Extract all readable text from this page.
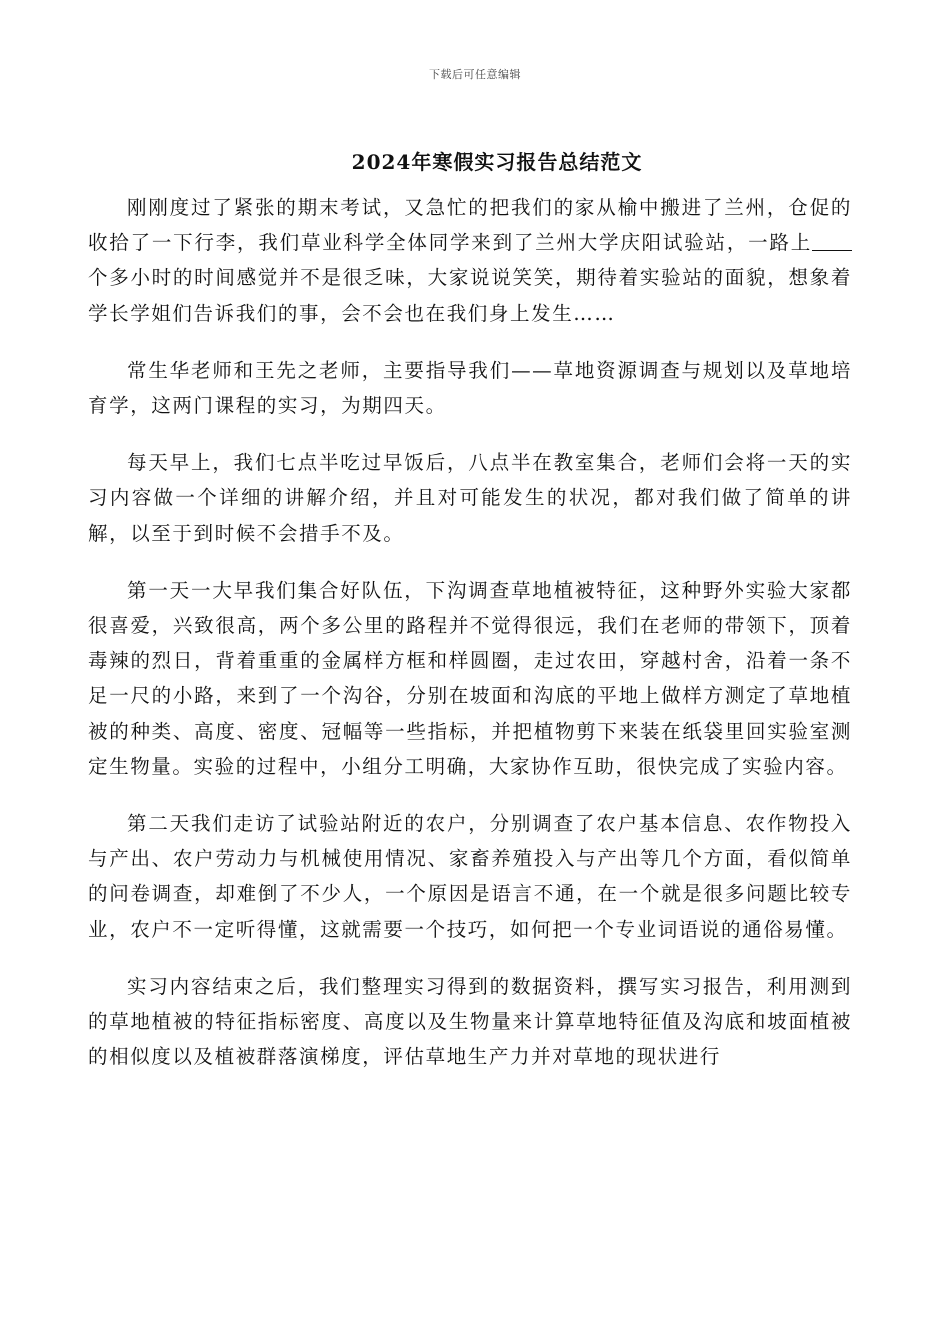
下载后可任意编辑
2024年寒假实习报告总结范文

刚刚度过了紧张的期末考试，又急忙的把我们的家从榆中搬进了兰州，仓促的收拾了一下行李，我们草业科学全体同学来到了兰州大学庆阳试验站，一路上个多小时的时间感觉并不是很乏味，大家说说笑笑，期待着实验站的面貌，想象着学长学姐们告诉我们的事，会不会也在我们身上发生……

常生华老师和王先之老师，主要指导我们——草地资源调查与规划以及草地培育学，这两门课程的实习，为期四天。

每天早上，我们七点半吃过早饭后，八点半在教室集合，老师们会将一天的实习内容做一个详细的讲解介绍，并且对可能发生的状况，都对我们做了简单的讲解，以至于到时候不会措手不及。

第一天一大早我们集合好队伍，下沟调查草地植被特征，这种野外实验大家都很喜爱，兴致很高，两个多公里的路程并不觉得很远，我们在老师的带领下，顶着毒辣的烈日，背着重重的金属样方框和样圆圈，走过农田，穿越村舍，沿着一条不足一尺的小路，来到了一个沟谷，分别在坡面和沟底的平地上做样方测定了草地植被的种类、高度、密度、冠幅等一些指标，并把植物剪下来装在纸袋里回实验室测定生物量。实验的过程中，小组分工明确，大家协作互助，很快完成了实验内容。

第二天我们走访了试验站附近的农户，分别调查了农户基本信息、农作物投入与产出、农户劳动力与机械使用情况、家畜养殖投入与产出等几个方面，看似简单的问卷调查，却难倒了不少人，一个原因是语言不通，在一个就是很多问题比较专业，农户不一定听得懂，这就需要一个技巧，如何把一个专业词语说的通俗易懂。

实习内容结束之后，我们整理实习得到的数据资料，撰写实习报告，利用测到的草地植被的特征指标密度、高度以及生物量来计算草地特征值及沟底和坡面植被的相似度以及植被群落演梯度，评估草地生产力并对草地的现状进行
